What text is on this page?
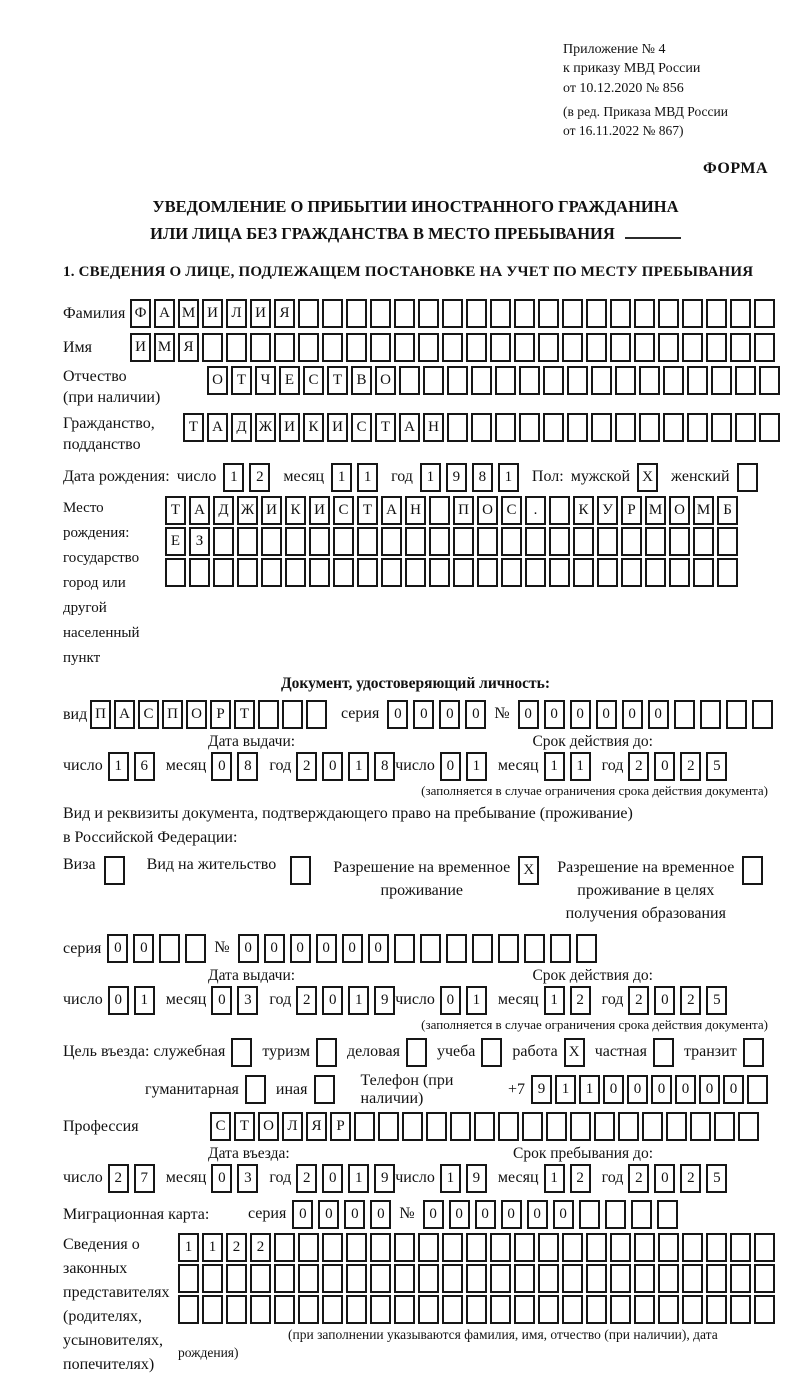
Приложение № 4
к приказу МВД России
от 10.12.2020 № 856
(в ред. Приказа МВД России
от 16.11.2022 № 867)
ФОРМА
УВЕДОМЛЕНИЕ О ПРИБЫТИИ ИНОСТРАННОГО ГРАЖДАНИНА
ИЛИ ЛИЦА БЕЗ ГРАЖДАНСТВА В МЕСТО ПРЕБЫВАНИЯ
1. СВЕДЕНИЯ О ЛИЦЕ, ПОДЛЕЖАЩЕМ ПОСТАНОВКЕ НА УЧЕТ ПО МЕСТУ ПРЕБЫВАНИЯ
Фамилия Ф А М И Л И Я
Имя	И М Я
Отчество
(при наличии)
О Т Ч Е С Т В О
Гражданство,
подданство
Т А Д Ж И К И С Т А Н
Дата рождения: число 1	2	месяц 1	1	год 1	9	8	1	Пол: мужской X	женский
Место рождения:
государство
город или другой
населенный пункт
Т А Д Ж И К И С Т А Н	П О С	.	К У Р М О М Б
Е	З
Документ, удостоверяющий личность:
вид П А С П О Р	Т	серия 0	0	0	0 № 0	0	0	0	0	0
Дата выдачи:	Срок действия до:
число 1	6	месяц 0	8	год 2	0	1	8 число 0	1	месяц 1	1	год 2	0	2	5
(заполняется в случае ограничения срока действия документа)
Вид и реквизиты документа, подтверждающего право на пребывание (проживание)
в Российской Федерации:
Виза	Вид на жительство	Разрешение на временное
проживание
X	Разрешение на временное
проживание в целях
получения образования
серия 0	0	№ 0	0	0	0	0	0
Дата выдачи:	Срок действия до:
число 0	1	месяц 0	3	год 2	0	1	9 число 0	1	месяц 1	2	год 2	0	2	5
(заполняется в случае ограничения срока действия документа)
Цель въезда: служебная туризм деловая учеба работа X частная транзит
гуманитарная иная
Телефон (при наличии)
+7 9	1	1	0	0	0	0	0	0
Профессия	С Т О Л Я Р
Дата въезда:	Срок пребывания до:
число 2	7	месяц 0	3	год 2	0	1	9 число 1	9	месяц 1	2	год 2	0	2	5
Миграционная карта:	серия 0	0	0	0 № 0	0	0	0	0	0
Сведения о
законных
представителях
(родителях,
усыновителях,
попечителях)
1	1	2	2
(при заполнении указываются фамилия, имя, отчество (при наличии), дата рождения)
